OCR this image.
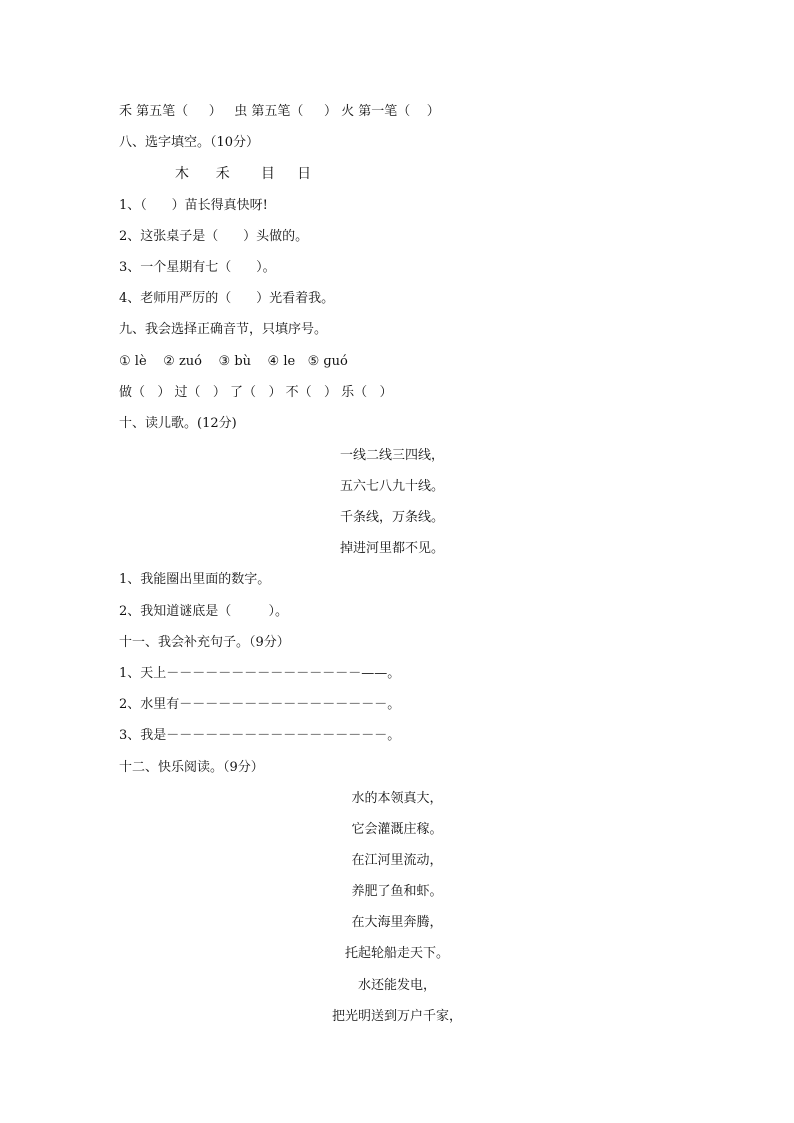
禾 第五笔（     ）   虫 第五笔（     ） 火 第一笔（    ）
八、选字填空。（10分）
木      禾       目     日
1、（      ）苗长得真快呀!
2、这张桌子是（      ）头做的。
3、一个星期有七（      ）。
4、老师用严厉的（      ）光看着我。
九、我会选择正确音节，只填序号。
① lè    ② zuó    ③ bù    ④ le   ⑤ ɡuó
做（   ） 过（   ） 了（   ） 不（   ） 乐（   ）
十、读儿歌。(12分)
一线二线三四线，
五六七八九十线。
千条线，万条线。
掉进河里都不见。
1、我能圈出里面的数字。
2、我知道谜底是（         ）。
十一、我会补充句子。（9分）
1、天上－－－－－－－－－－－－－－－——。
2、水里有－－－－－－－－－－－－－－－－。
3、我是－－－－－－－－－－－－－－－－－。
十二、快乐阅读。（9分）
水的本领真大，
它会灌溉庄稼。
在江河里流动，
养肥了鱼和虾。
在大海里奔腾，
托起轮船走天下。
水还能发电，
把光明送到万户千家，
